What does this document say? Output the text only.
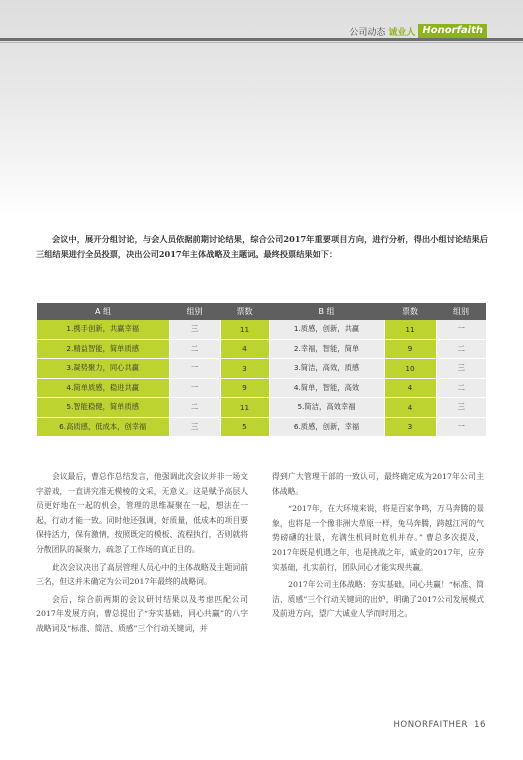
公司动态 诚业人 Honorfaith
会议中，展开分组讨论，与会人员依据前期讨论结果，综合公司2017年重要项目方向，进行分析，得出小组讨论结果后三组结果进行全员投票，决出公司2017年主体战略及主题词。最终投票结果如下：
A 组	组别	票数	B 组	票数	组别
1.携手创新，共赢幸福	三	11	1.质感，创新，共赢	11	一
2.精益智能，简单质感	二	4	2.幸福，智能，简单	9	二
3.凝势聚力，同心共赢	一	3	3.简洁，高效，质感	10	三
4.简单质感，稳进共赢	一	9	4.简单，智能，高效	4	二
5.智能稳健，简单质感	二	11	5.简洁，高效幸福	4	三
6.高质感，低成本，创幸福	三	5	6.质感，创新，幸福	3	一

会议最后，曹总作总结发言，他强调此次会议并非一场文字游戏，一直讲究准无模棱的文采，无意义。这是赋予高层人员更好地在一起的机会，管理的思维凝聚在一起，想法在一起，行动才能一致。同时他还强调，好质量，低成本的项目要保持活力，保有激情，按照既定的模板、流程执行，否则就将分散团队的凝聚力，疏忽了工作场的真正目的。

此次会议决出了高层管理人员心中的主体战略及主题词前三名，但这并未确定为公司2017年最终的战略词。

会后，综合前两期的会议研讨结果以及考虑匹配公司2017年发展方向，曹总提出了“夯实基础，同心共赢”的八字战略词及“标准、简洁、质感”三个行动关键词，并

得到广大管理干部的一致认可，最终确定成为2017年公司主体战略。

“2017年，在大环境来说，将是百家争鸣，万马奔腾的景象，也将是一个像非洲大草原一样，兔马奔腾，跨越江河的气势磅礴的壮景，充满生机同时危机并存。” 曹总多次提及，2017年既是机遇之年，也是挑战之年，诚业的2017年，应夯实基础，扎实前行，团队同心才能实现共赢。

2017年公司主体战略：夯实基础，同心共赢！“标准、简洁、质感”三个行动关键词的出炉，明确了2017公司发展模式及前进方向，望广大诚业人学而时用之。

HONORFAITHER 16
